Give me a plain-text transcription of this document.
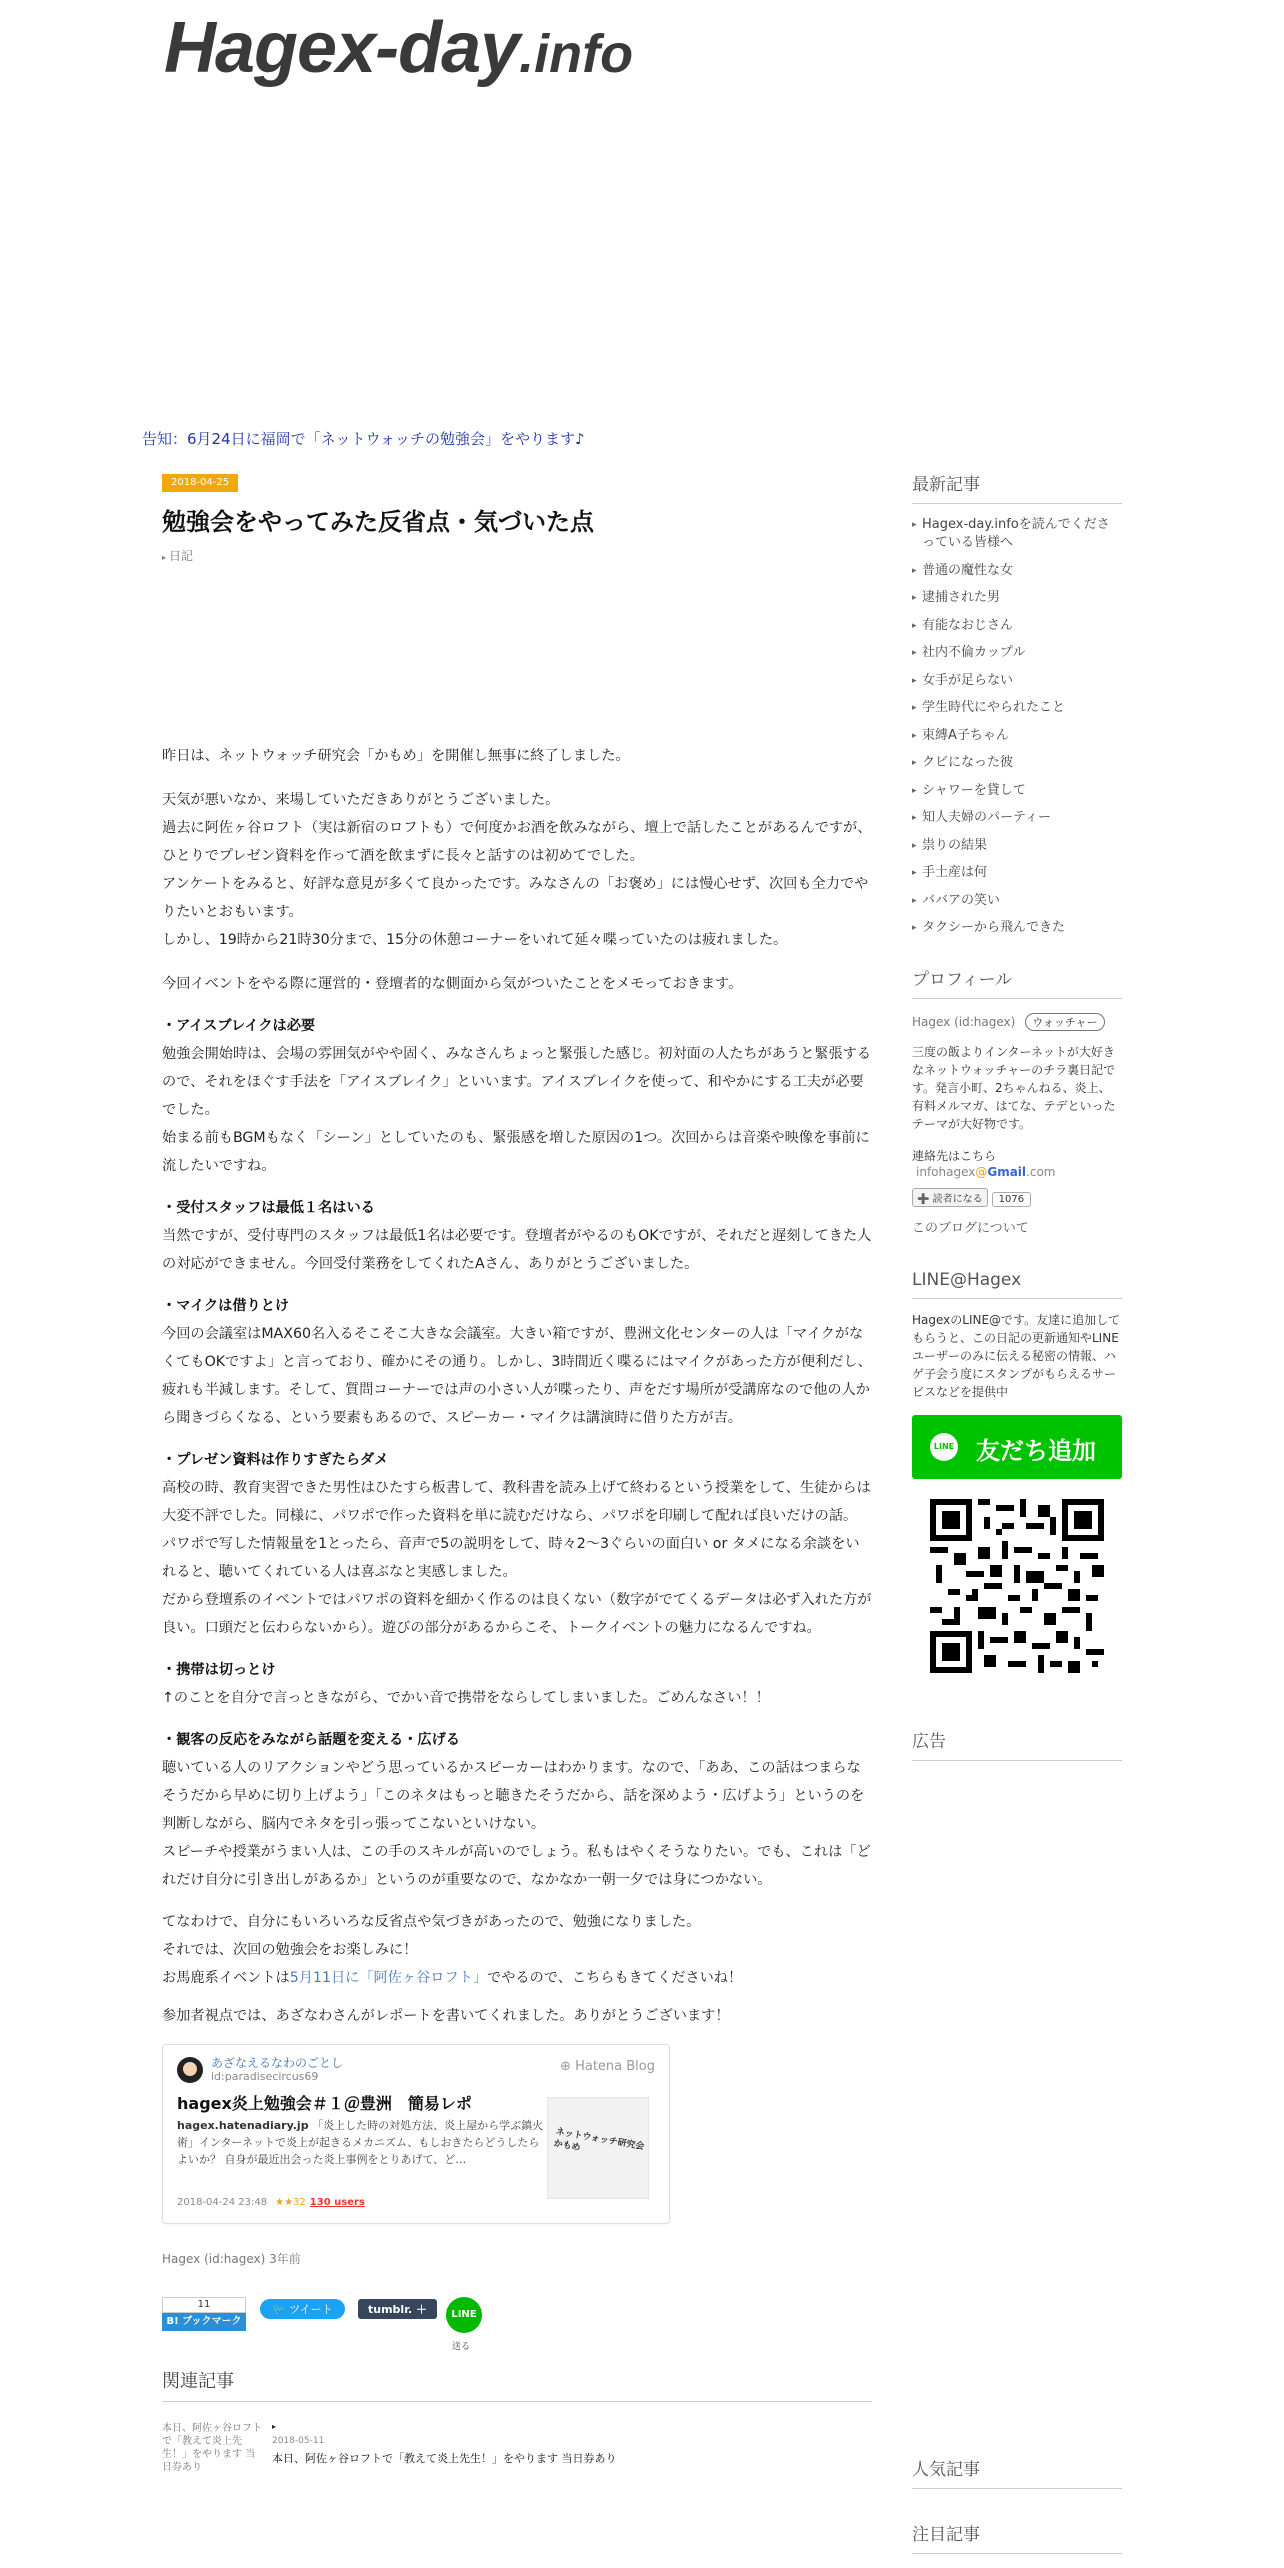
Hagex-day.info
告知：6月24日に福岡で「ネットウォッチの勉強会」をやります♪
2018-04-25
勉強会をやってみた反省点・気づいた点
▸ 日記

昨日は、ネットウォッチ研究会「かもめ」を開催し無事に終了しました。

天気が悪いなか、来場していただきありがとうございました。
過去に阿佐ヶ谷ロフト（実は新宿のロフトも）で何度かお酒を飲みながら、壇上で話したことがあるんですが、ひとりでプレゼン資料を作って酒を飲まずに長々と話すのは初めてでした。
アンケートをみると、好評な意見が多くて良かったです。みなさんの「お褒め」には慢心せず、次回も全力でやりたいとおもいます。

しかし、19時から21時30分まで、15分の休憩コーナーをいれて延々喋っていたのは疲れました。

今回イベントをやる際に運営的・登壇者的な側面から気がついたことをメモっておきます。

・アイスブレイクは必要
勉強会開始時は、会場の雰囲気がやや固く、みなさんちょっと緊張した感じ。初対面の人たちがあうと緊張するので、それをほぐす手法を「アイスブレイク」といいます。アイスブレイクを使って、和やかにする工夫が必要でした。

始まる前もBGMもなく「シーン」としていたのも、緊張感を増した原因の1つ。次回からは音楽や映像を事前に流したいですね。

・受付スタッフは最低１名はいる

当然ですが、受付専門のスタッフは最低1名は必要です。登壇者がやるのもOKですが、それだと遅刻してきた人の対応ができません。今回受付業務をしてくれたAさん、ありがとうございました。

・マイクは借りとけ

今回の会議室はMAX60名入るそこそこ大きな会議室。大きい箱ですが、豊洲文化センターの人は「マイクがなくてもOKですよ」と言っており、確かにその通り。しかし、3時間近く喋るにはマイクがあった方が便利だし、疲れも半減します。そして、質問コーナーでは声の小さい人が喋ったり、声をだす場所が受講席なので他の人から聞きづらくなる、という要素もあるので、スピーカー・マイクは講演時に借りた方が吉。

・プレゼン資料は作りすぎたらダメ
高校の時、教育実習できた男性はひたすら板書して、教科書を読み上げて終わるという授業をして、生徒からは大変不評でした。同様に、パワポで作った資料を単に読むだけなら、パワポを印刷して配れば良いだけの話。
パワポで写した情報量を1とったら、音声で5の説明をして、時々2〜3ぐらいの面白い or タメになる余談をいれると、聴いてくれている人は喜ぶなと実感しました。

だから登壇系のイベントではパワポの資料を細かく作るのは良くない（数字がでてくるデータは必ず入れた方が良い。口頭だと伝わらないから）。遊びの部分があるからこそ、トークイベントの魅力になるんですね。

・携帯は切っとけ

↑のことを自分で言っときながら、でかい音で携帯をならしてしまいました。ごめんなさい！！

・観客の反応をみながら話題を変える・広げる
聴いている人のリアクションやどう思っているかスピーカーはわかります。なので、「ああ、この話はつまらなそうだから早めに切り上げよう」「このネタはもっと聴きたそうだから、話を深めよう・広げよう」というのを判断しながら、脳内でネタを引っ張ってこないといけない。

スピーチや授業がうまい人は、この手のスキルが高いのでしょう。私もはやくそうなりたい。でも、これは「どれだけ自分に引き出しがあるか」というのが重要なので、なかなか一朝一夕では身につかない。

てなわけで、自分にもいろいろな反省点や気づきがあったので、勉強になりました。
それでは、次回の勉強会をお楽しみに！

お馬鹿系イベントは5月11日に「阿佐ヶ谷ロフト」でやるので、こちらもきてくださいね！

参加者視点では、あざなわさんがレポートを書いてくれました。ありがとうございます！

あざなえるなわのごとし
id:paradisecircus69
⊕ Hatena Blog
hagex炎上勉強会＃１＠豊洲　簡易レポ
hagex.hatenadiary.jp 「炎上した時の対処方法、炎上屋から学ぶ鎮火術」インターネットで炎上が起きるメカニズム、もしおきたらどうしたらよいか？ 自身が最近出会った炎上事例をとりあげて、ど…
ネットウォッチ研究会 かもめ
2018-04-24 23:48 ★★32 130 users
Hagex (id:hagex) 3年前
11
B! ブックマーク
🐦 ツイート	tumblr. ＋	LINE
送る
関連記事
本日、阿佐ヶ谷ロフトで「教えて炎上先生！」をやります 当日券あり
▸
2018-05-11
本日、阿佐ヶ谷ロフトで「教えて炎上先生！」をやります 当日券あり
最新記事
▸ Hagex-day.infoを読んでくださっている皆様へ
▸ 普通の魔性な女
▸ 逮捕された男
▸ 有能なおじさん
▸ 社内不倫カップル
▸ 女手が足らない
▸ 学生時代にやられたこと
▸ 束縛A子ちゃん
▸ クビになった彼
▸ シャワーを貸して
▸ 知人夫婦のパーティー
▸ 祟りの結果
▸ 手土産は何
▸ ババアの笑い
▸ タクシーから飛んできた
プロフィール
Hagex (id:hagex) ウォッチャー
三度の飯よりインターネットが大好きなネットウォッチャーのチラ裏日記です。発言小町、2ちゃんねる、炎上、有料メルマガ、はてな、テデといったテーマが大好物です。
連絡先はこちら
infohagex@Gmail.com
➕ 読者になる 1076
このブログについて
LINE@Hagex
HagexのLINE@です。友達に追加してもらうと、この日記の更新通知やLINEユーザーのみに伝える秘密の情報、ハゲ子会う度にスタンプがもらえるサービスなどを提供中
LINE 友だち追加
広告
人気記事
注目記事
